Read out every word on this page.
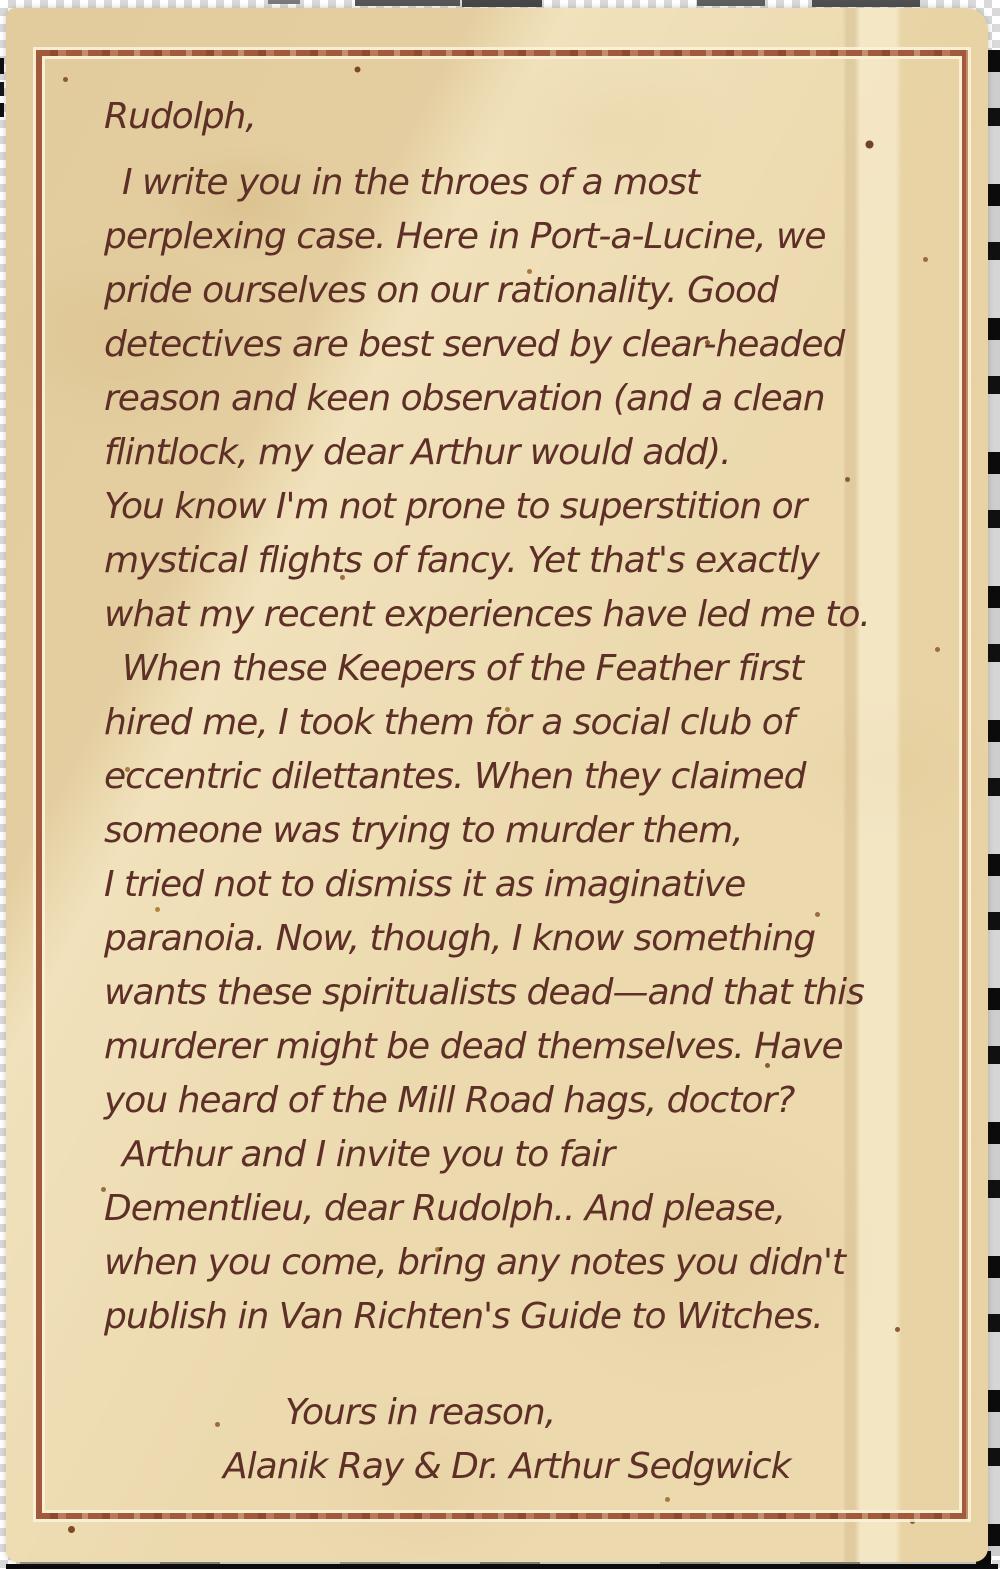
Rudolph,
I write you in the throes of a most
perplexing case. Here in Port-a-Lucine, we
pride ourselves on our rationality. Good
detectives are best served by clear-headed
reason and keen observation (and a clean
flintlock, my dear Arthur would add).
You know I'm not prone to superstition or
mystical flights of fancy. Yet that's exactly
what my recent experiences have led me to.
When these Keepers of the Feather first
hired me, I took them for a social club of
eccentric dilettantes. When they claimed
someone was trying to murder them,
I tried not to dismiss it as imaginative
paranoia. Now, though, I know something
wants these spiritualists dead—and that this
murderer might be dead themselves. Have
you heard of the Mill Road hags, doctor?
Arthur and I invite you to fair
Dementlieu, dear Rudolph.. And please,
when you come, bring any notes you didn't
publish in Van Richten's Guide to Witches.
Yours in reason,
Alanik Ray & Dr. Arthur Sedgwick
